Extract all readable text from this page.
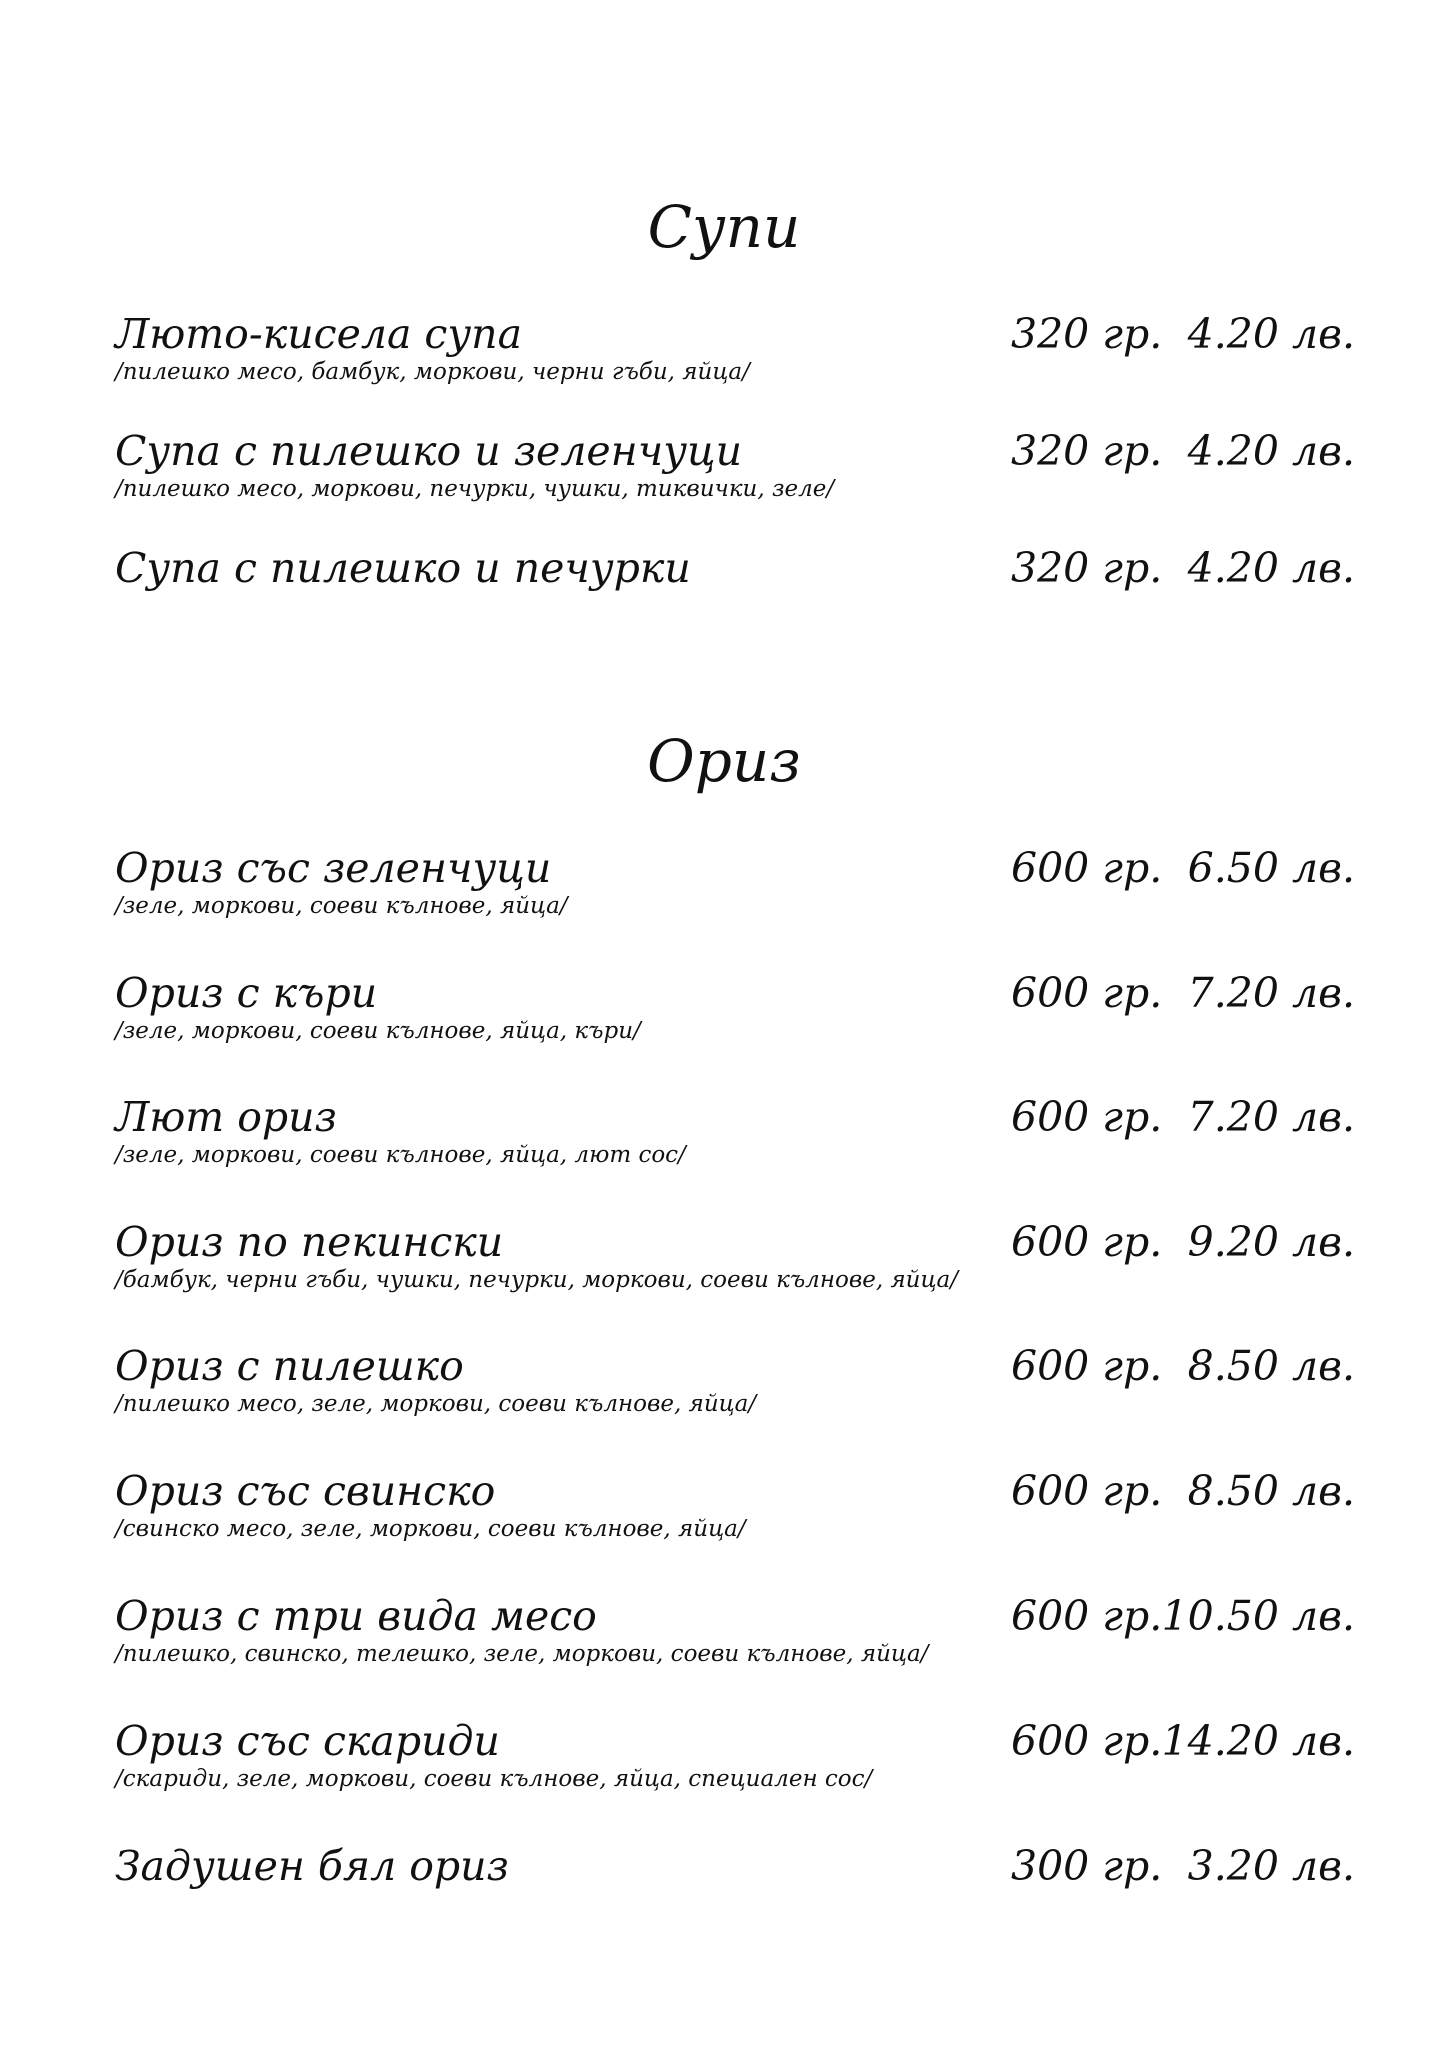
Супи
Люто-кисела супа
/пилешко месо, бамбук, моркови, черни гъби, яйца/
320 гр. 4.20 лв.
Супа с пилешко и зеленчуци
/пилешко месо, моркови, печурки, чушки, тиквички, зеле/
320 гр. 4.20 лв.
Супа с пилешко и печурки	320 гр. 4.20 лв.
Ориз
Ориз със зеленчуци
/зеле, моркови, соеви кълнове, яйца/
600 гр. 6.50 лв.
Ориз с къри
/зеле, моркови, соеви кълнове, яйца, къри/
600 гр. 7.20 лв.
Лют ориз
/зеле, моркови, соеви кълнове, яйца, лют сос/
600 гр. 7.20 лв.
Ориз по пекински
/бамбук, черни гъби, чушки, печурки, моркови, соеви кълнове, яйца/
600 гр. 9.20 лв.
Ориз с пилешко
/пилешко месо, зеле, моркови, соеви кълнове, яйца/
600 гр. 8.50 лв.
Ориз със свинско
/свинско месо, зеле, моркови, соеви кълнове, яйца/
600 гр. 8.50 лв.
Ориз с три вида месо
/пилешко, свинско, телешко, зеле, моркови, соеви кълнове, яйца/
600 гр. 10.50 лв.
Ориз със скариди
/скариди, зеле, моркови, соеви кълнове, яйца, специален сос/
600 гр. 14.20 лв.
Задушен бял ориз	300 гр. 3.20 лв.
